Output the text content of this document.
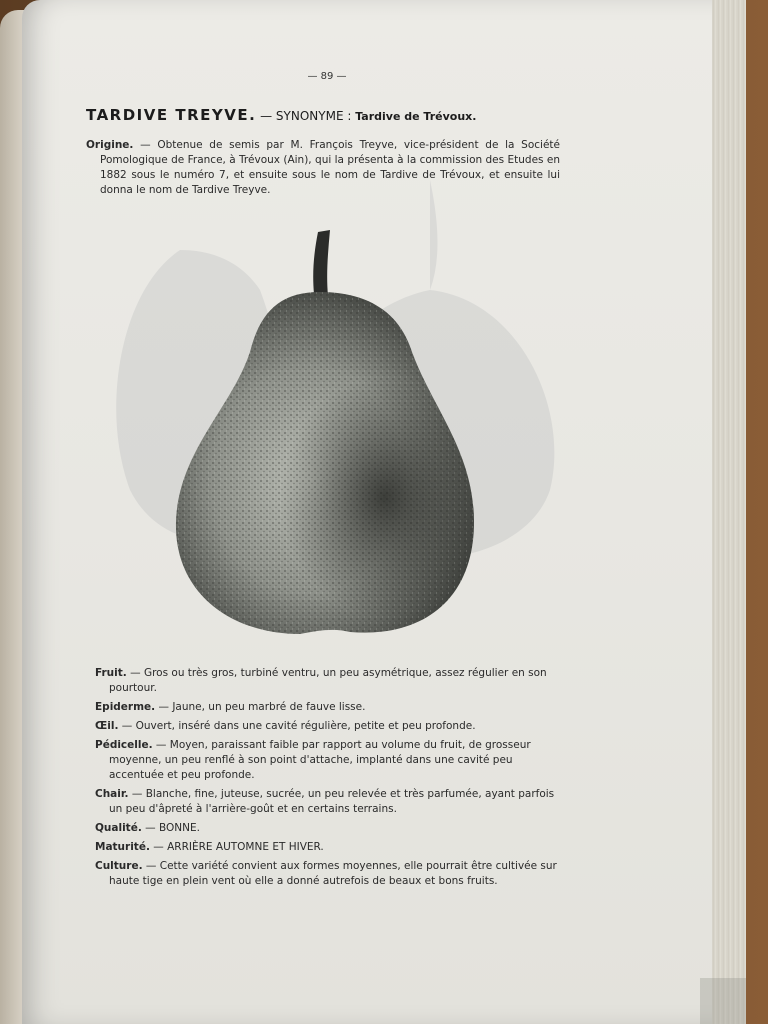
— 89 —
TARDIVE TREYVE. — SYNONYME : Tardive de Trévoux.
Origine. — Obtenue de semis par M. François Treyve, vice-président de la Société Pomologique de France, à Trévoux (Ain), qui la présenta à la commission des Etudes en 1882 sous le numéro 7, et ensuite sous le nom de Tardive de Trévoux, et ensuite lui donna le nom de Tardive Treyve.
Fruit. — Gros ou très gros, turbiné ventru, un peu asymétrique, assez régulier en son pourtour.
Epiderme. — Jaune, un peu marbré de fauve lisse.
Œil. — Ouvert, inséré dans une cavité régulière, petite et peu profonde.
Pédicelle. — Moyen, paraissant faible par rapport au volume du fruit, de grosseur moyenne, un peu renflé à son point d'attache, implanté dans une cavité peu accentuée et peu profonde.
Chair. — Blanche, fine, juteuse, sucrée, un peu relevée et très parfumée, ayant parfois un peu d'âpreté à l'arrière-goût et en certains terrains.
Qualité. — BONNE.
Maturité. — ARRIÈRE AUTOMNE ET HIVER.
Culture. — Cette variété convient aux formes moyennes, elle pourrait être cultivée sur haute tige en plein vent où elle a donné autrefois de beaux et bons fruits.
